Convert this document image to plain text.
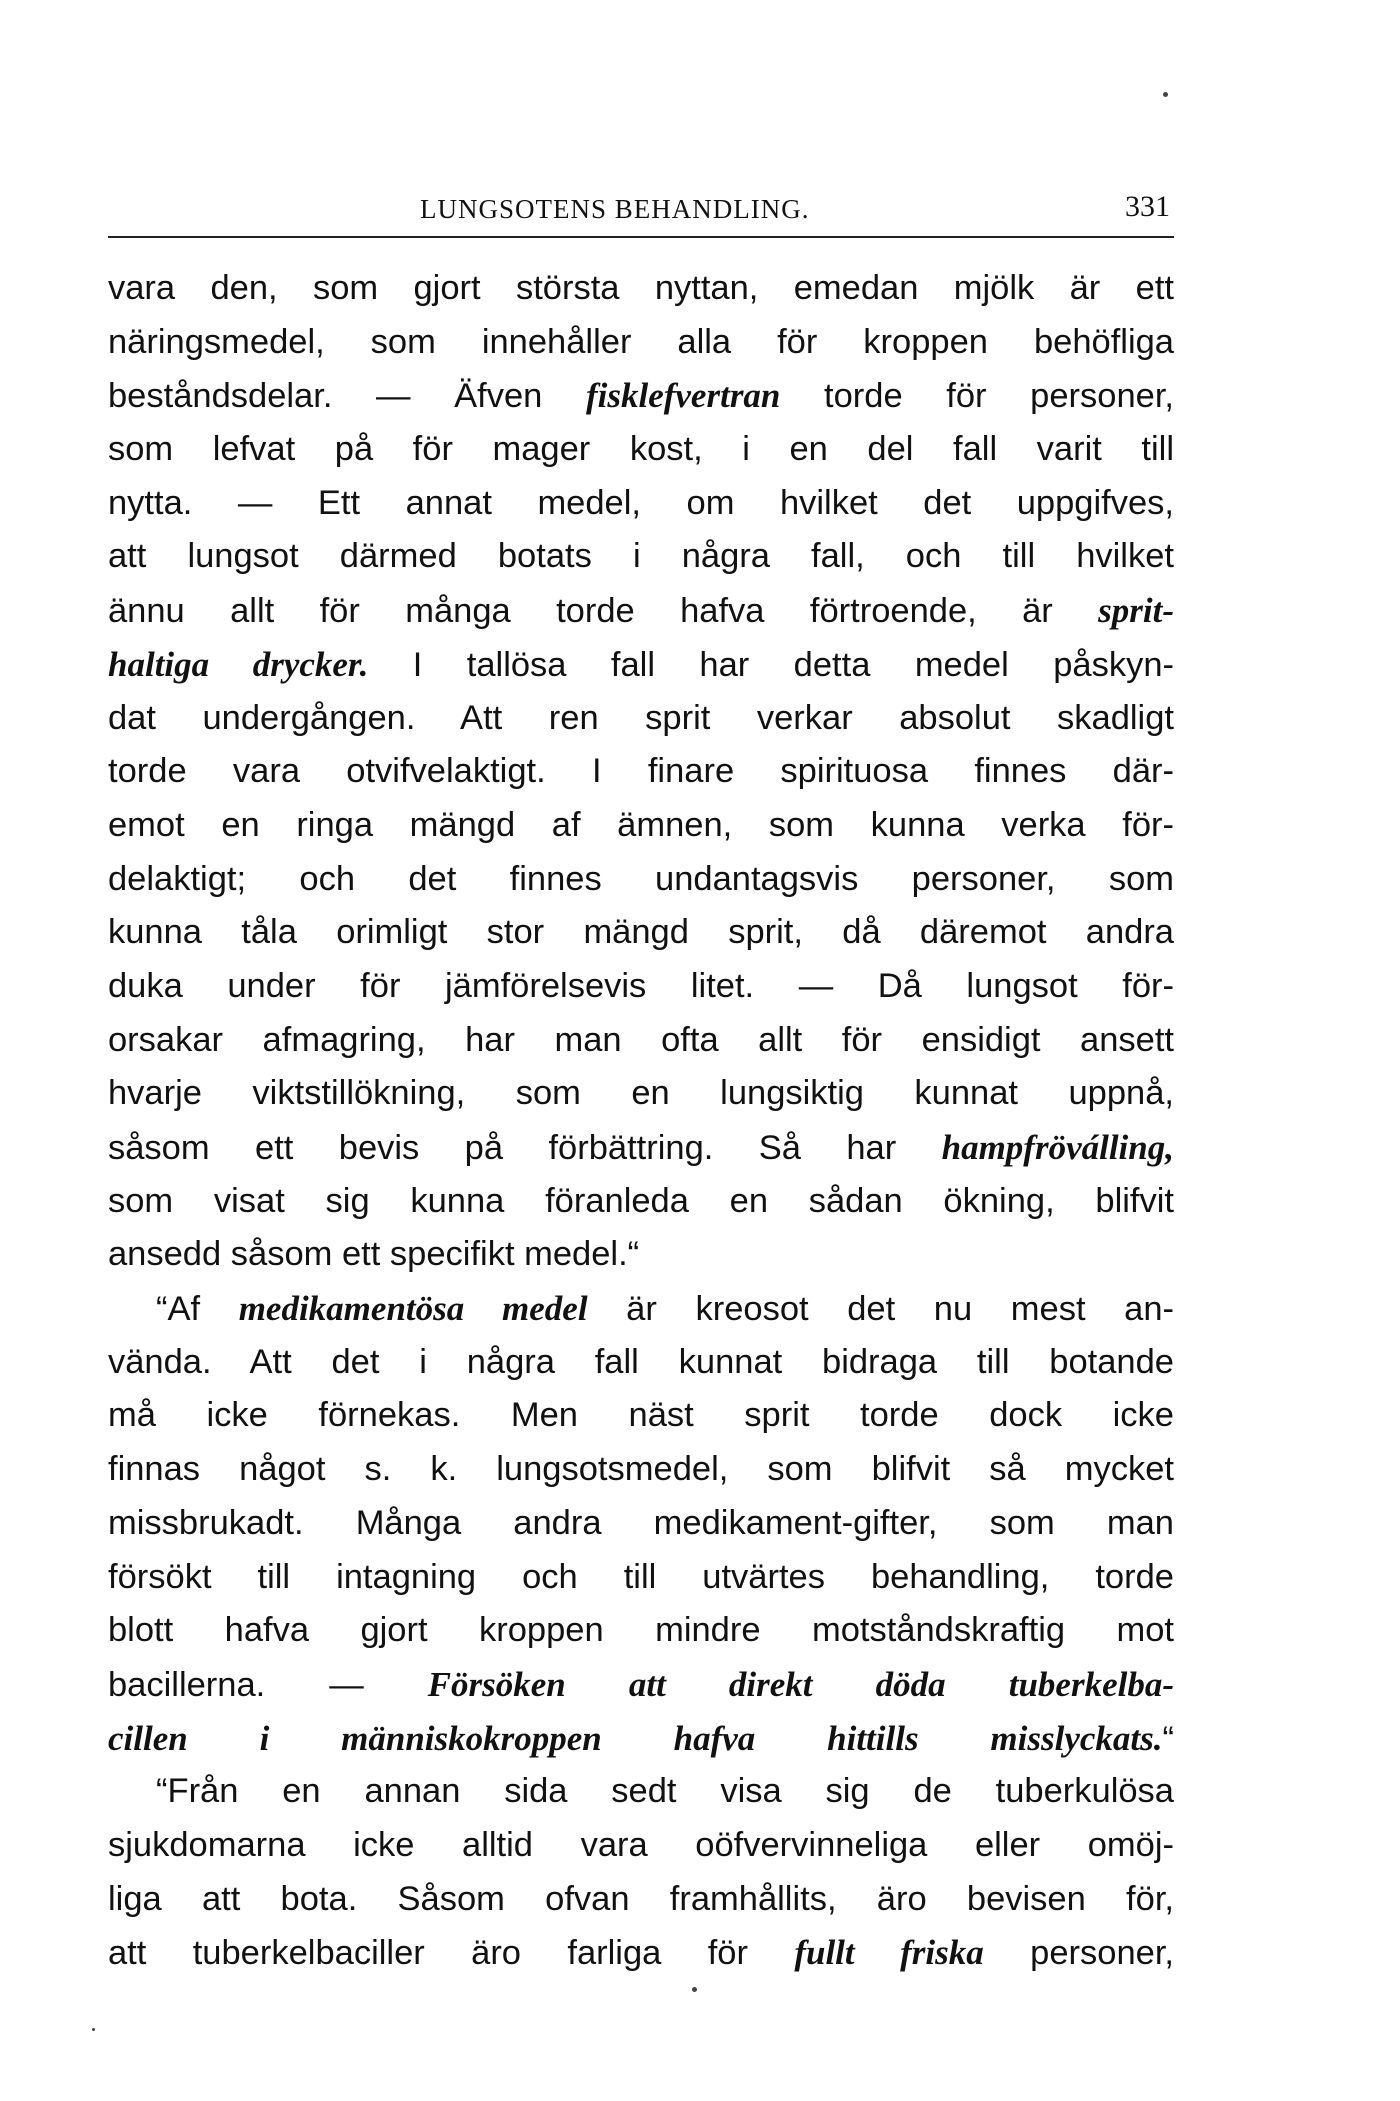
LUNGSOTENS BEHANDLING.	331
vara den, som gjort största nyttan, emedan mjölk är ett
näringsmedel, som innehåller alla för kroppen behöfliga
beståndsdelar. — Äfven fisklefvertran torde för personer,
som lefvat på för mager kost, i en del fall varit till
nytta. — Ett annat medel, om hvilket det uppgifves,
att lungsot därmed botats i några fall, och till hvilket
ännu allt för många torde hafva förtroende, är sprit-
haltiga drycker. I tallösa fall har detta medel påskyn-
dat undergången. Att ren sprit verkar absolut skadligt
torde vara otvifvelaktigt. I finare spirituosa finnes där-
emot en ringa mängd af ämnen, som kunna verka för-
delaktigt; och det finnes undantagsvis personer, som
kunna tåla orimligt stor mängd sprit, då däremot andra
duka under för jämförelsevis litet. — Då lungsot för-
orsakar afmagring, har man ofta allt för ensidigt ansett
hvarje viktstillökning, som en lungsiktig kunnat uppnå,
såsom ett bevis på förbättring. Så har hampfröválling,
som visat sig kunna föranleda en sådan ökning, blifvit
ansedd såsom ett specifikt medel.“
“Af medikamentösa medel är kreosot det nu mest an-
vända. Att det i några fall kunnat bidraga till botande
må icke förnekas. Men näst sprit torde dock icke
finnas något s. k. lungsotsmedel, som blifvit så mycket
missbrukadt. Många andra medikament-gifter, som man
försökt till intagning och till utvärtes behandling, torde
blott hafva gjort kroppen mindre motståndskraftig mot
bacillerna. — Försöken att direkt döda tuberkelba-
cillen i människokroppen hafva hittills misslyckats.“
“Från en annan sida sedt visa sig de tuberkulösa
sjukdomarna icke alltid vara oöfvervinneliga eller omöj-
liga att bota. Såsom ofvan framhållits, äro bevisen för,
att tuberkelbaciller äro farliga för fullt friska personer,
